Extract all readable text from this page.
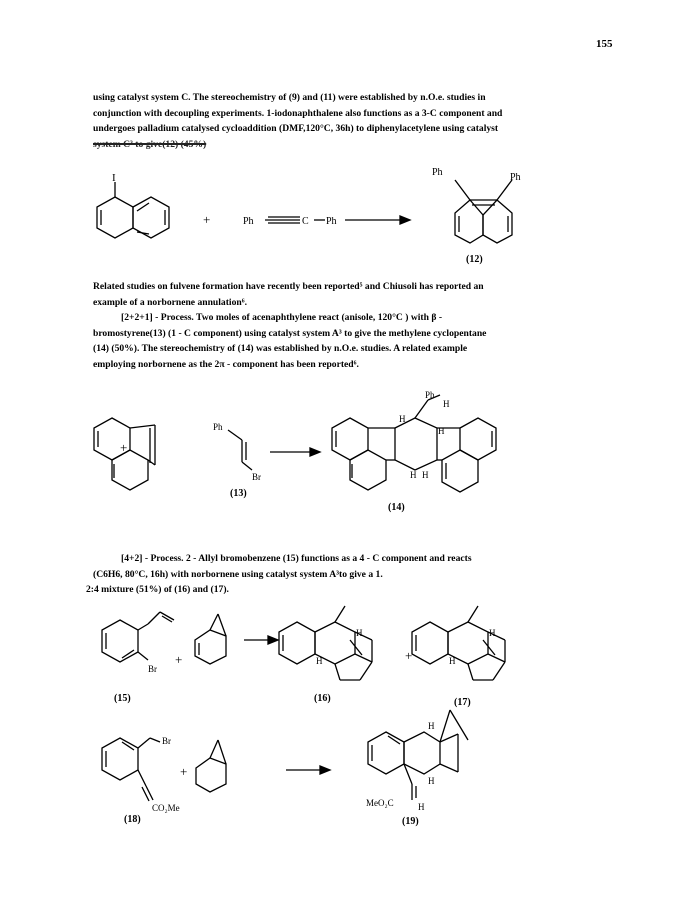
155
using catalyst system C. The stereochemistry of (9) and (11) were established by n.O.e. studies in
conjunction with decoupling experiments. 1-iodonaphthalene also functions as a 3-C component and
undergoes palladium catalysed cycloaddition (DMF,120°C, 36h) to diphenylacetylene using catalyst
system C³ to give(12) (45%)
I
+	Ph	C Ph
Ph	Ph
(12)
Related studies on fulvene formation have recently been reported⁵ and Chiusoli has reported an
example of a norbornene annulation⁶.
[2+2+1] - Process. Two moles of acenaphthylene react (anisole, 120°C ) with β -
bromostyrene(13) (1 - C component) using catalyst system A³ to give the methylene cyclopentane
(14) (50%). The stereochemistry of (14) was established by n.O.e. studies. A related example
employing norbornene as the 2π - component has been reported⁶.
+
Ph
Br
Ph
H
H
H
H H
(13)
(14)
[4+2] - Process. 2 - Allyl bromobenzene (15) functions as a 4 - C component and reacts
(C6H6, 80°C, 16h) with norbornene using catalyst system A³to give a 1.
2:4 mixture (51%) of (16) and (17).
Br
+
H
H	+
H
H
(15)	(16)	(17)
Br
+
CO₂Me	MeO₂C
H
H
H
(18)	(19)
